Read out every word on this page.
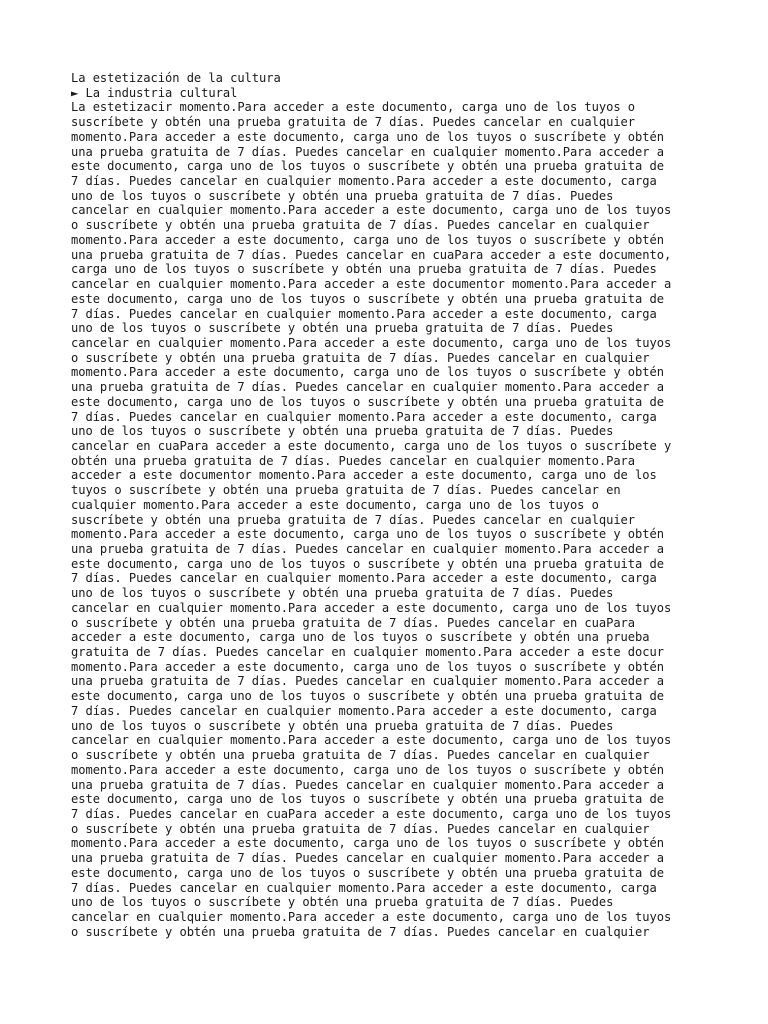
La estetización de la cultura
► La industria cultural
La estetizacir momento.Para acceder a este documento, carga uno de los tuyos o
suscríbete y obtén una prueba gratuita de 7 días. Puedes cancelar en cualquier
momento.Para acceder a este documento, carga uno de los tuyos o suscríbete y obtén
una prueba gratuita de 7 días. Puedes cancelar en cualquier momento.Para acceder a
este documento, carga uno de los tuyos o suscríbete y obtén una prueba gratuita de
7 días. Puedes cancelar en cualquier momento.Para acceder a este documento, carga
uno de los tuyos o suscríbete y obtén una prueba gratuita de 7 días. Puedes
cancelar en cualquier momento.Para acceder a este documento, carga uno de los tuyos
o suscríbete y obtén una prueba gratuita de 7 días. Puedes cancelar en cualquier
momento.Para acceder a este documento, carga uno de los tuyos o suscríbete y obtén
una prueba gratuita de 7 días. Puedes cancelar en cuaPara acceder a este documento,
carga uno de los tuyos o suscríbete y obtén una prueba gratuita de 7 días. Puedes
cancelar en cualquier momento.Para acceder a este documentor momento.Para acceder a
este documento, carga uno de los tuyos o suscríbete y obtén una prueba gratuita de
7 días. Puedes cancelar en cualquier momento.Para acceder a este documento, carga
uno de los tuyos o suscríbete y obtén una prueba gratuita de 7 días. Puedes
cancelar en cualquier momento.Para acceder a este documento, carga uno de los tuyos
o suscríbete y obtén una prueba gratuita de 7 días. Puedes cancelar en cualquier
momento.Para acceder a este documento, carga uno de los tuyos o suscríbete y obtén
una prueba gratuita de 7 días. Puedes cancelar en cualquier momento.Para acceder a
este documento, carga uno de los tuyos o suscríbete y obtén una prueba gratuita de
7 días. Puedes cancelar en cualquier momento.Para acceder a este documento, carga
uno de los tuyos o suscríbete y obtén una prueba gratuita de 7 días. Puedes
cancelar en cuaPara acceder a este documento, carga uno de los tuyos o suscríbete y
obtén una prueba gratuita de 7 días. Puedes cancelar en cualquier momento.Para
acceder a este documentor momento.Para acceder a este documento, carga uno de los
tuyos o suscríbete y obtén una prueba gratuita de 7 días. Puedes cancelar en
cualquier momento.Para acceder a este documento, carga uno de los tuyos o
suscríbete y obtén una prueba gratuita de 7 días. Puedes cancelar en cualquier
momento.Para acceder a este documento, carga uno de los tuyos o suscríbete y obtén
una prueba gratuita de 7 días. Puedes cancelar en cualquier momento.Para acceder a
este documento, carga uno de los tuyos o suscríbete y obtén una prueba gratuita de
7 días. Puedes cancelar en cualquier momento.Para acceder a este documento, carga
uno de los tuyos o suscríbete y obtén una prueba gratuita de 7 días. Puedes
cancelar en cualquier momento.Para acceder a este documento, carga uno de los tuyos
o suscríbete y obtén una prueba gratuita de 7 días. Puedes cancelar en cuaPara
acceder a este documento, carga uno de los tuyos o suscríbete y obtén una prueba
gratuita de 7 días. Puedes cancelar en cualquier momento.Para acceder a este docur
momento.Para acceder a este documento, carga uno de los tuyos o suscríbete y obtén
una prueba gratuita de 7 días. Puedes cancelar en cualquier momento.Para acceder a
este documento, carga uno de los tuyos o suscríbete y obtén una prueba gratuita de
7 días. Puedes cancelar en cualquier momento.Para acceder a este documento, carga
uno de los tuyos o suscríbete y obtén una prueba gratuita de 7 días. Puedes
cancelar en cualquier momento.Para acceder a este documento, carga uno de los tuyos
o suscríbete y obtén una prueba gratuita de 7 días. Puedes cancelar en cualquier
momento.Para acceder a este documento, carga uno de los tuyos o suscríbete y obtén
una prueba gratuita de 7 días. Puedes cancelar en cualquier momento.Para acceder a
este documento, carga uno de los tuyos o suscríbete y obtén una prueba gratuita de
7 días. Puedes cancelar en cuaPara acceder a este documento, carga uno de los tuyos
o suscríbete y obtén una prueba gratuita de 7 días. Puedes cancelar en cualquier
momento.Para acceder a este documento, carga uno de los tuyos o suscríbete y obtén
una prueba gratuita de 7 días. Puedes cancelar en cualquier momento.Para acceder a
este documento, carga uno de los tuyos o suscríbete y obtén una prueba gratuita de
7 días. Puedes cancelar en cualquier momento.Para acceder a este documento, carga
uno de los tuyos o suscríbete y obtén una prueba gratuita de 7 días. Puedes
cancelar en cualquier momento.Para acceder a este documento, carga uno de los tuyos
o suscríbete y obtén una prueba gratuita de 7 días. Puedes cancelar en cualquier
